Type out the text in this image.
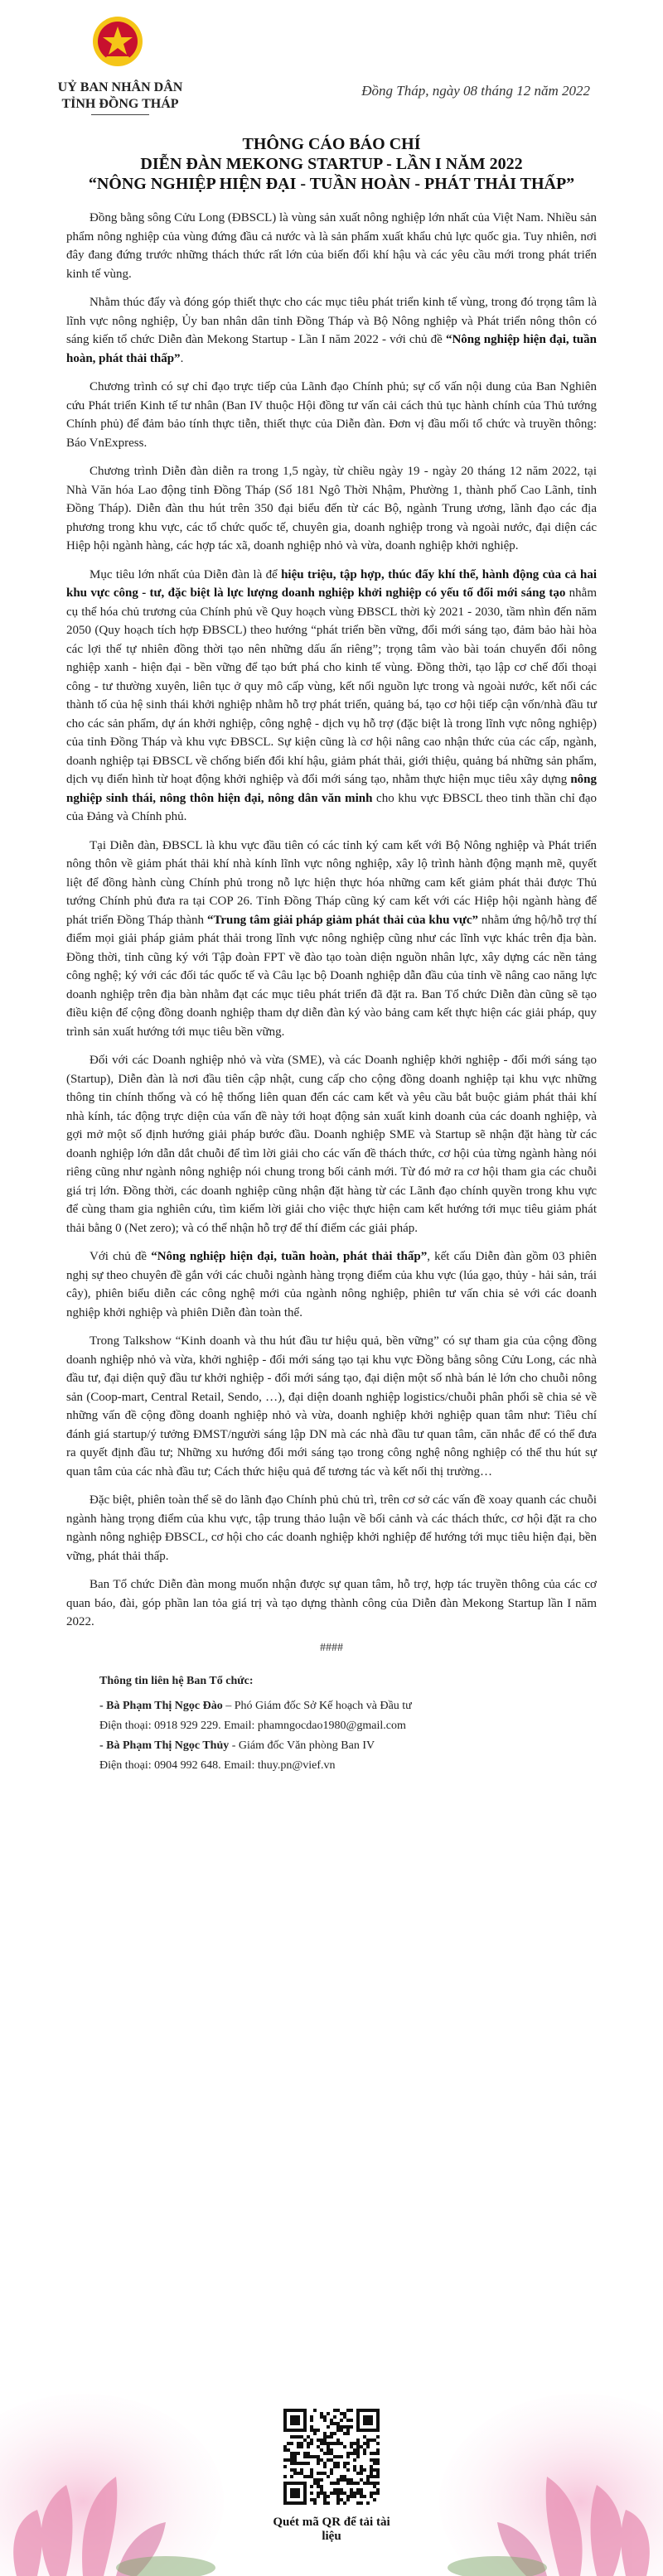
UỶ BAN NHÂN DÂN
TỈNH ĐỒNG THÁP
Đồng Tháp, ngày 08 tháng 12 năm 2022
THÔNG CÁO BÁO CHÍ
DIỄN ĐÀN MEKONG STARTUP - LẦN I NĂM 2022
“NÔNG NGHIỆP HIỆN ĐẠI - TUẦN HOÀN - PHÁT THẢI THẤP”

Đồng bằng sông Cửu Long (ĐBSCL) là vùng sản xuất nông nghiệp lớn nhất của Việt Nam. Nhiều sản phẩm nông nghiệp của vùng đứng đầu cả nước và là sản phẩm xuất khẩu chủ lực quốc gia. Tuy nhiên, nơi đây đang đứng trước những thách thức rất lớn của biến đổi khí hậu và các yêu cầu mới trong phát triển kinh tế vùng.

Nhằm thúc đẩy và đóng góp thiết thực cho các mục tiêu phát triển kinh tế vùng, trong đó trọng tâm là lĩnh vực nông nghiệp, Ủy ban nhân dân tỉnh Đồng Tháp và Bộ Nông nghiệp và Phát triển nông thôn có sáng kiến tổ chức Diễn đàn Mekong Startup - Lần I năm 2022 - với chủ đề “Nông nghiệp hiện đại, tuần hoàn, phát thải thấp”.

Chương trình có sự chỉ đạo trực tiếp của Lãnh đạo Chính phủ; sự cố vấn nội dung của Ban Nghiên cứu Phát triển Kinh tế tư nhân (Ban IV thuộc Hội đồng tư vấn cải cách thủ tục hành chính của Thủ tướng Chính phủ) để đảm bảo tính thực tiễn, thiết thực của Diễn đàn. Đơn vị đầu mối tổ chức và truyền thông: Báo VnExpress.

Chương trình Diễn đàn diễn ra trong 1,5 ngày, từ chiều ngày 19 - ngày 20 tháng 12 năm 2022, tại Nhà Văn hóa Lao động tỉnh Đồng Tháp (Số 181 Ngô Thời Nhậm, Phường 1, thành phố Cao Lãnh, tỉnh Đồng Tháp). Diễn đàn thu hút trên 350 đại biểu đến từ các Bộ, ngành Trung ương, lãnh đạo các địa phương trong khu vực, các tổ chức quốc tế, chuyên gia, doanh nghiệp trong và ngoài nước, đại diện các Hiệp hội ngành hàng, các hợp tác xã, doanh nghiệp nhỏ và vừa, doanh nghiệp khởi nghiệp.

Mục tiêu lớn nhất của Diễn đàn là để hiệu triệu, tập hợp, thúc đẩy khí thế, hành động của cả hai khu vực công - tư, đặc biệt là lực lượng doanh nghiệp khởi nghiệp có yếu tố đổi mới sáng tạo nhằm cụ thể hóa chủ trương của Chính phủ về Quy hoạch vùng ĐBSCL thời kỳ 2021 - 2030, tầm nhìn đến năm 2050 (Quy hoạch tích hợp ĐBSCL) theo hướng “phát triển bền vững, đổi mới sáng tạo, đảm bảo hài hòa các lợi thế tự nhiên đồng thời tạo nên những dấu ấn riêng”; trọng tâm vào bài toán chuyển đổi nông nghiệp xanh - hiện đại - bền vững để tạo bứt phá cho kinh tế vùng. Đồng thời, tạo lập cơ chế đối thoại công - tư thường xuyên, liên tục ở quy mô cấp vùng, kết nối nguồn lực trong và ngoài nước, kết nối các thành tố của hệ sinh thái khởi nghiệp nhằm hỗ trợ phát triển, quảng bá, tạo cơ hội tiếp cận vốn/nhà đầu tư cho các sản phẩm, dự án khởi nghiệp, công nghệ - dịch vụ hỗ trợ (đặc biệt là trong lĩnh vực nông nghiệp) của tỉnh Đồng Tháp và khu vực ĐBSCL. Sự kiện cũng là cơ hội nâng cao nhận thức của các cấp, ngành, doanh nghiệp tại ĐBSCL về chống biến đổi khí hậu, giảm phát thải, giới thiệu, quảng bá những sản phẩm, dịch vụ điển hình từ hoạt động khởi nghiệp và đổi mới sáng tạo, nhằm thực hiện mục tiêu xây dựng nông nghiệp sinh thái, nông thôn hiện đại, nông dân văn minh cho khu vực ĐBSCL theo tinh thần chỉ đạo của Đảng và Chính phủ.

Tại Diễn đàn, ĐBSCL là khu vực đầu tiên có các tỉnh ký cam kết với Bộ Nông nghiệp và Phát triển nông thôn về giảm phát thải khí nhà kính lĩnh vực nông nghiệp, xây lộ trình hành động mạnh mẽ, quyết liệt để đồng hành cùng Chính phủ trong nỗ lực hiện thực hóa những cam kết giảm phát thải được Thủ tướng Chính phủ đưa ra tại COP 26. Tỉnh Đồng Tháp cũng ký cam kết với các Hiệp hội ngành hàng để phát triển Đồng Tháp thành “Trung tâm giải pháp giảm phát thải của khu vực” nhằm ứng hộ/hỗ trợ thí điểm mọi giải pháp giảm phát thải trong lĩnh vực nông nghiệp cũng như các lĩnh vực khác trên địa bàn. Đồng thời, tỉnh cũng ký với Tập đoàn FPT về đào tạo toàn diện nguồn nhân lực, xây dựng các nền tảng công nghệ; ký với các đối tác quốc tế và Câu lạc bộ Doanh nghiệp dẫn đầu của tỉnh về nâng cao năng lực doanh nghiệp trên địa bàn nhằm đạt các mục tiêu phát triển đã đặt ra. Ban Tổ chức Diễn đàn cũng sẽ tạo điều kiện để cộng đồng doanh nghiệp tham dự diễn đàn ký vào bảng cam kết thực hiện các giải pháp, quy trình sản xuất hướng tới mục tiêu bền vững.

Đối với các Doanh nghiệp nhỏ và vừa (SME), và các Doanh nghiệp khởi nghiệp - đổi mới sáng tạo (Startup), Diễn đàn là nơi đầu tiên cập nhật, cung cấp cho cộng đồng doanh nghiệp tại khu vực những thông tin chính thống và có hệ thống liên quan đến các cam kết và yêu cầu bắt buộc giảm phát thải khí nhà kính, tác động trực diện của vấn đề này tới hoạt động sản xuất kinh doanh của các doanh nghiệp, và gợi mở một số định hướng giải pháp bước đầu. Doanh nghiệp SME và Startup sẽ nhận đặt hàng từ các doanh nghiệp lớn dẫn dắt chuỗi để tìm lời giải cho các vấn đề thách thức, cơ hội của từng ngành hàng nói riêng cũng như ngành nông nghiệp nói chung trong bối cảnh mới. Từ đó mở ra cơ hội tham gia các chuỗi giá trị lớn. Đồng thời, các doanh nghiệp cũng nhận đặt hàng từ các Lãnh đạo chính quyền trong khu vực để cùng tham gia nghiên cứu, tìm kiếm lời giải cho việc thực hiện cam kết hướng tới mục tiêu giảm phát thải bằng 0 (Net zero); và có thể nhận hỗ trợ để thí điểm các giải pháp.

Với chủ đề “Nông nghiệp hiện đại, tuần hoàn, phát thải thấp”, kết cấu Diễn đàn gồm 03 phiên nghị sự theo chuyên đề gắn với các chuỗi ngành hàng trọng điểm của khu vực (lúa gạo, thủy - hải sản, trái cây), phiên biểu diễn các công nghệ mới của ngành nông nghiệp, phiên tư vấn chia sẻ với các doanh nghiệp khởi nghiệp và phiên Diễn đàn toàn thể.

Trong Talkshow “Kinh doanh và thu hút đầu tư hiệu quả, bền vững” có sự tham gia của cộng đồng doanh nghiệp nhỏ và vừa, khởi nghiệp - đổi mới sáng tạo tại khu vực Đồng bằng sông Cửu Long, các nhà đầu tư, đại diện quỹ đầu tư khởi nghiệp - đổi mới sáng tạo, đại diện một số nhà bán lẻ lớn cho chuỗi nông sản (Coop-mart, Central Retail, Sendo, …), đại diện doanh nghiệp logistics/chuỗi phân phối sẽ chia sẻ về những vấn đề cộng đồng doanh nghiệp nhỏ và vừa, doanh nghiệp khởi nghiệp quan tâm như: Tiêu chí đánh giá startup/ý tưởng ĐMST/người sáng lập DN mà các nhà đầu tư quan tâm, căn nhắc để có thể đưa ra quyết định đầu tư; Những xu hướng đổi mới sáng tạo trong công nghệ nông nghiệp có thể thu hút sự quan tâm của các nhà đầu tư; Cách thức hiệu quả để tương tác và kết nối thị trường…

Đặc biệt, phiên toàn thể sẽ do lãnh đạo Chính phủ chủ trì, trên cơ sở các vấn đề xoay quanh các chuỗi ngành hàng trọng điểm của khu vực, tập trung thảo luận về bối cảnh và các thách thức, cơ hội đặt ra cho ngành nông nghiệp ĐBSCL, cơ hội cho các doanh nghiệp khởi nghiệp để hướng tới mục tiêu hiện đại, bền vững, phát thải thấp.

Ban Tổ chức Diễn đàn mong muốn nhận được sự quan tâm, hỗ trợ, hợp tác truyền thông của các cơ quan báo, đài, góp phần lan tỏa giá trị và tạo dựng thành công của Diễn đàn Mekong Startup lần I năm 2022.

####
Thông tin liên hệ Ban Tổ chức:
- Bà Phạm Thị Ngọc Đào – Phó Giám đốc Sở Kế hoạch và Đầu tư
Điện thoại: 0918 929 229. Email: phamngocdao1980@gmail.com
- Bà Phạm Thị Ngọc Thủy - Giám đốc Văn phòng Ban IV
Điện thoại: 0904 992 648. Email: thuy.pn@vief.vn
Quét mã QR để tải tài liệu
